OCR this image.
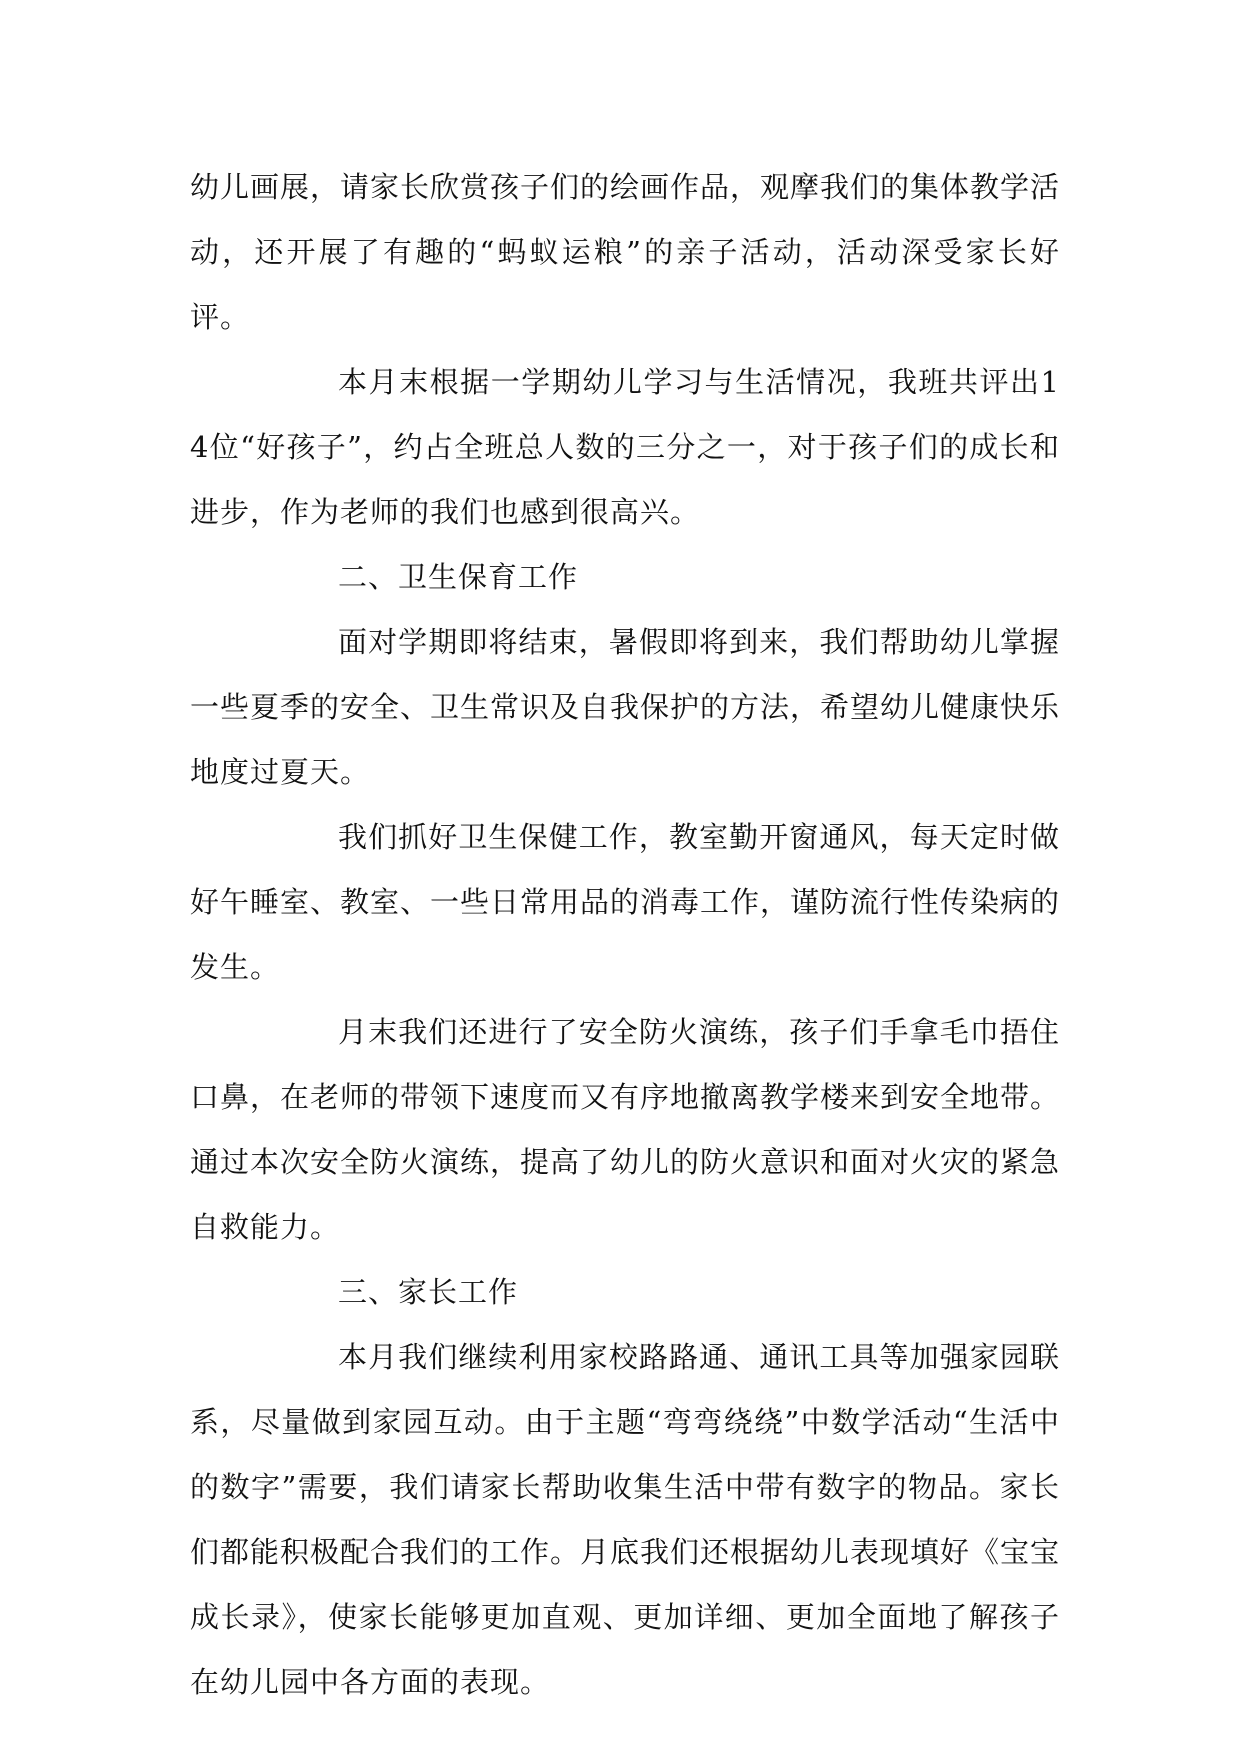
幼儿画展，请家长欣赏孩子们的绘画作品，观摩我们的集体教学活动，还开展了有趣的“蚂蚁运粮”的亲子活动，活动深受家长好评。

本月末根据一学期幼儿学习与生活情况，我班共评出14位“好孩子”，约占全班总人数的三分之一，对于孩子们的成长和进步，作为老师的我们也感到很高兴。

二、卫生保育工作

面对学期即将结束，暑假即将到来，我们帮助幼儿掌握一些夏季的安全、卫生常识及自我保护的方法，希望幼儿健康快乐地度过夏天。

我们抓好卫生保健工作，教室勤开窗通风，每天定时做好午睡室、教室、一些日常用品的消毒工作，谨防流行性传染病的发生。

月末我们还进行了安全防火演练，孩子们手拿毛巾捂住口鼻，在老师的带领下速度而又有序地撤离教学楼来到安全地带。通过本次安全防火演练，提高了幼儿的防火意识和面对火灾的紧急自救能力。

三、家长工作

本月我们继续利用家校路路通、通讯工具等加强家园联系，尽量做到家园互动。由于主题“弯弯绕绕”中数学活动“生活中的数字”需要，我们请家长帮助收集生活中带有数字的物品。家长们都能积极配合我们的工作。月底我们还根据幼儿表现填好《宝宝成长录》，使家长能够更加直观、更加详细、更加全面地了解孩子在幼儿园中各方面的表现。
